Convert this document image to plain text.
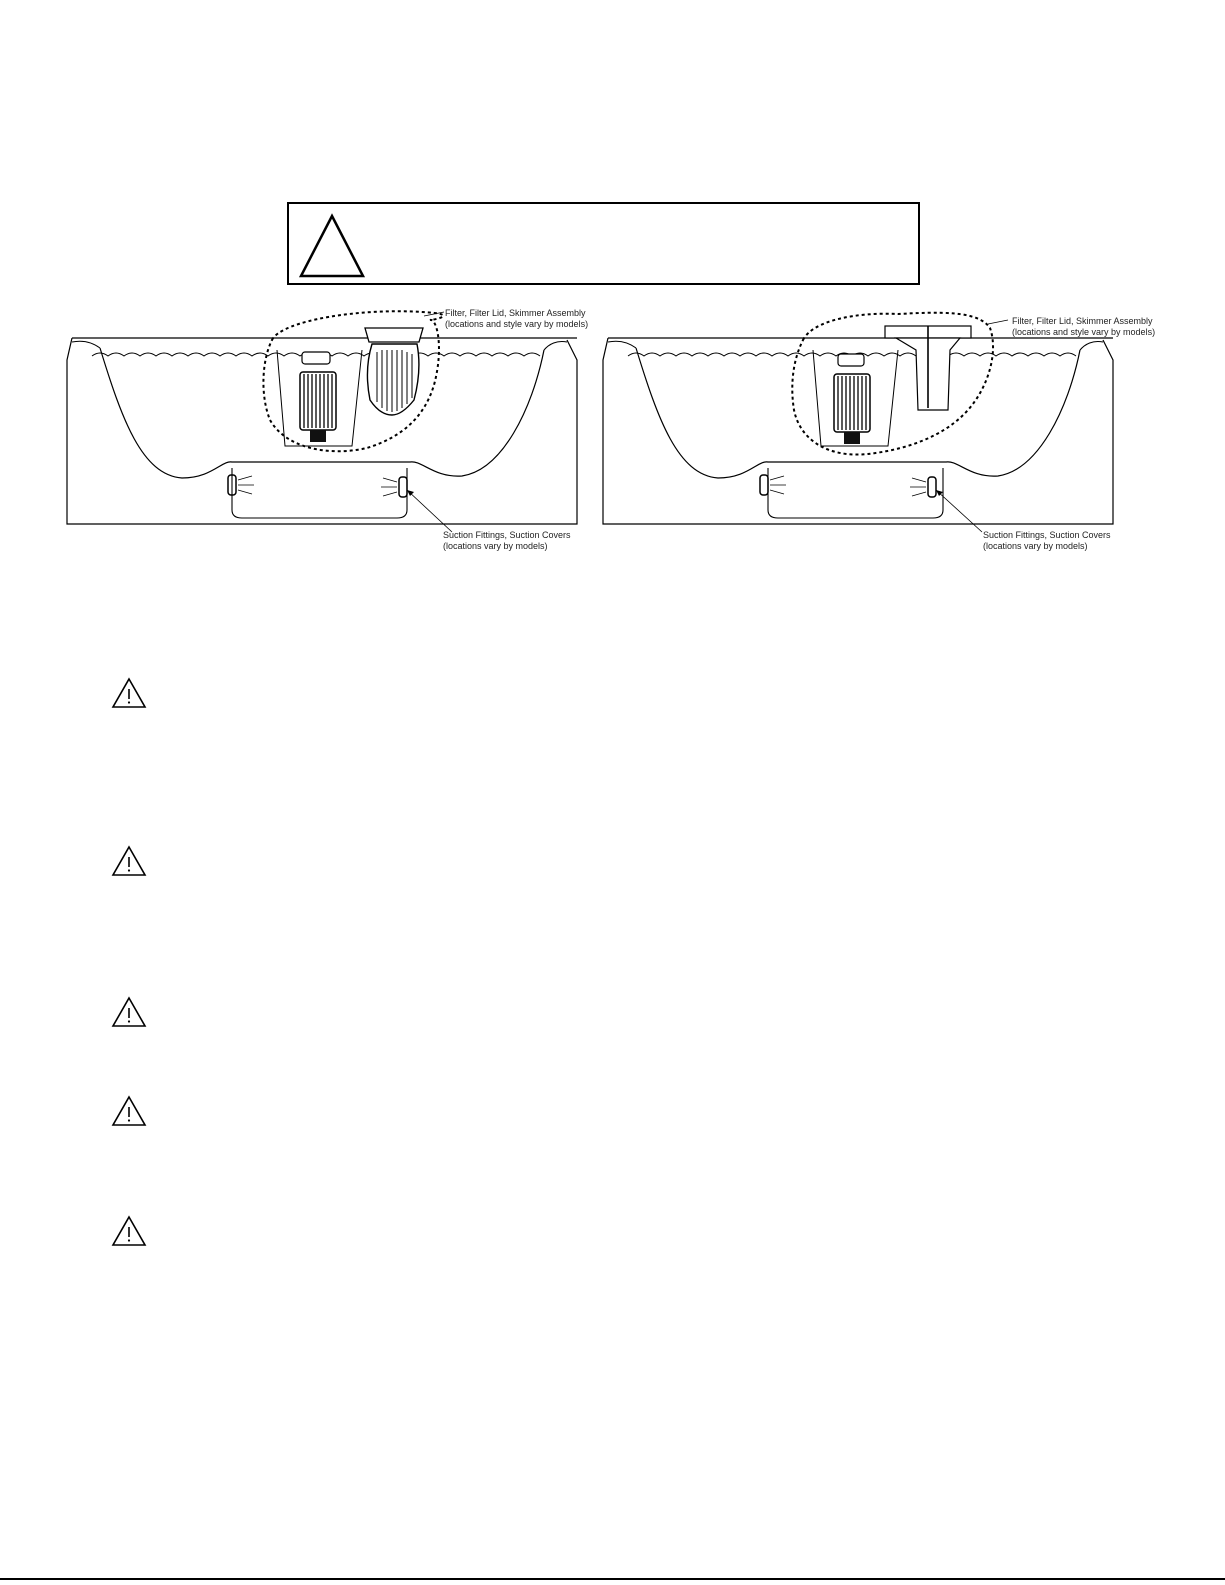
Filter, Filter Lid, Skimmer Assembly
(locations and style vary by models)
Suction Fittings, Suction Covers
(locations vary by models)
Filter, Filter Lid, Skimmer Assembly
(locations and style vary by models)
Suction Fittings, Suction Covers
(locations vary by models)
